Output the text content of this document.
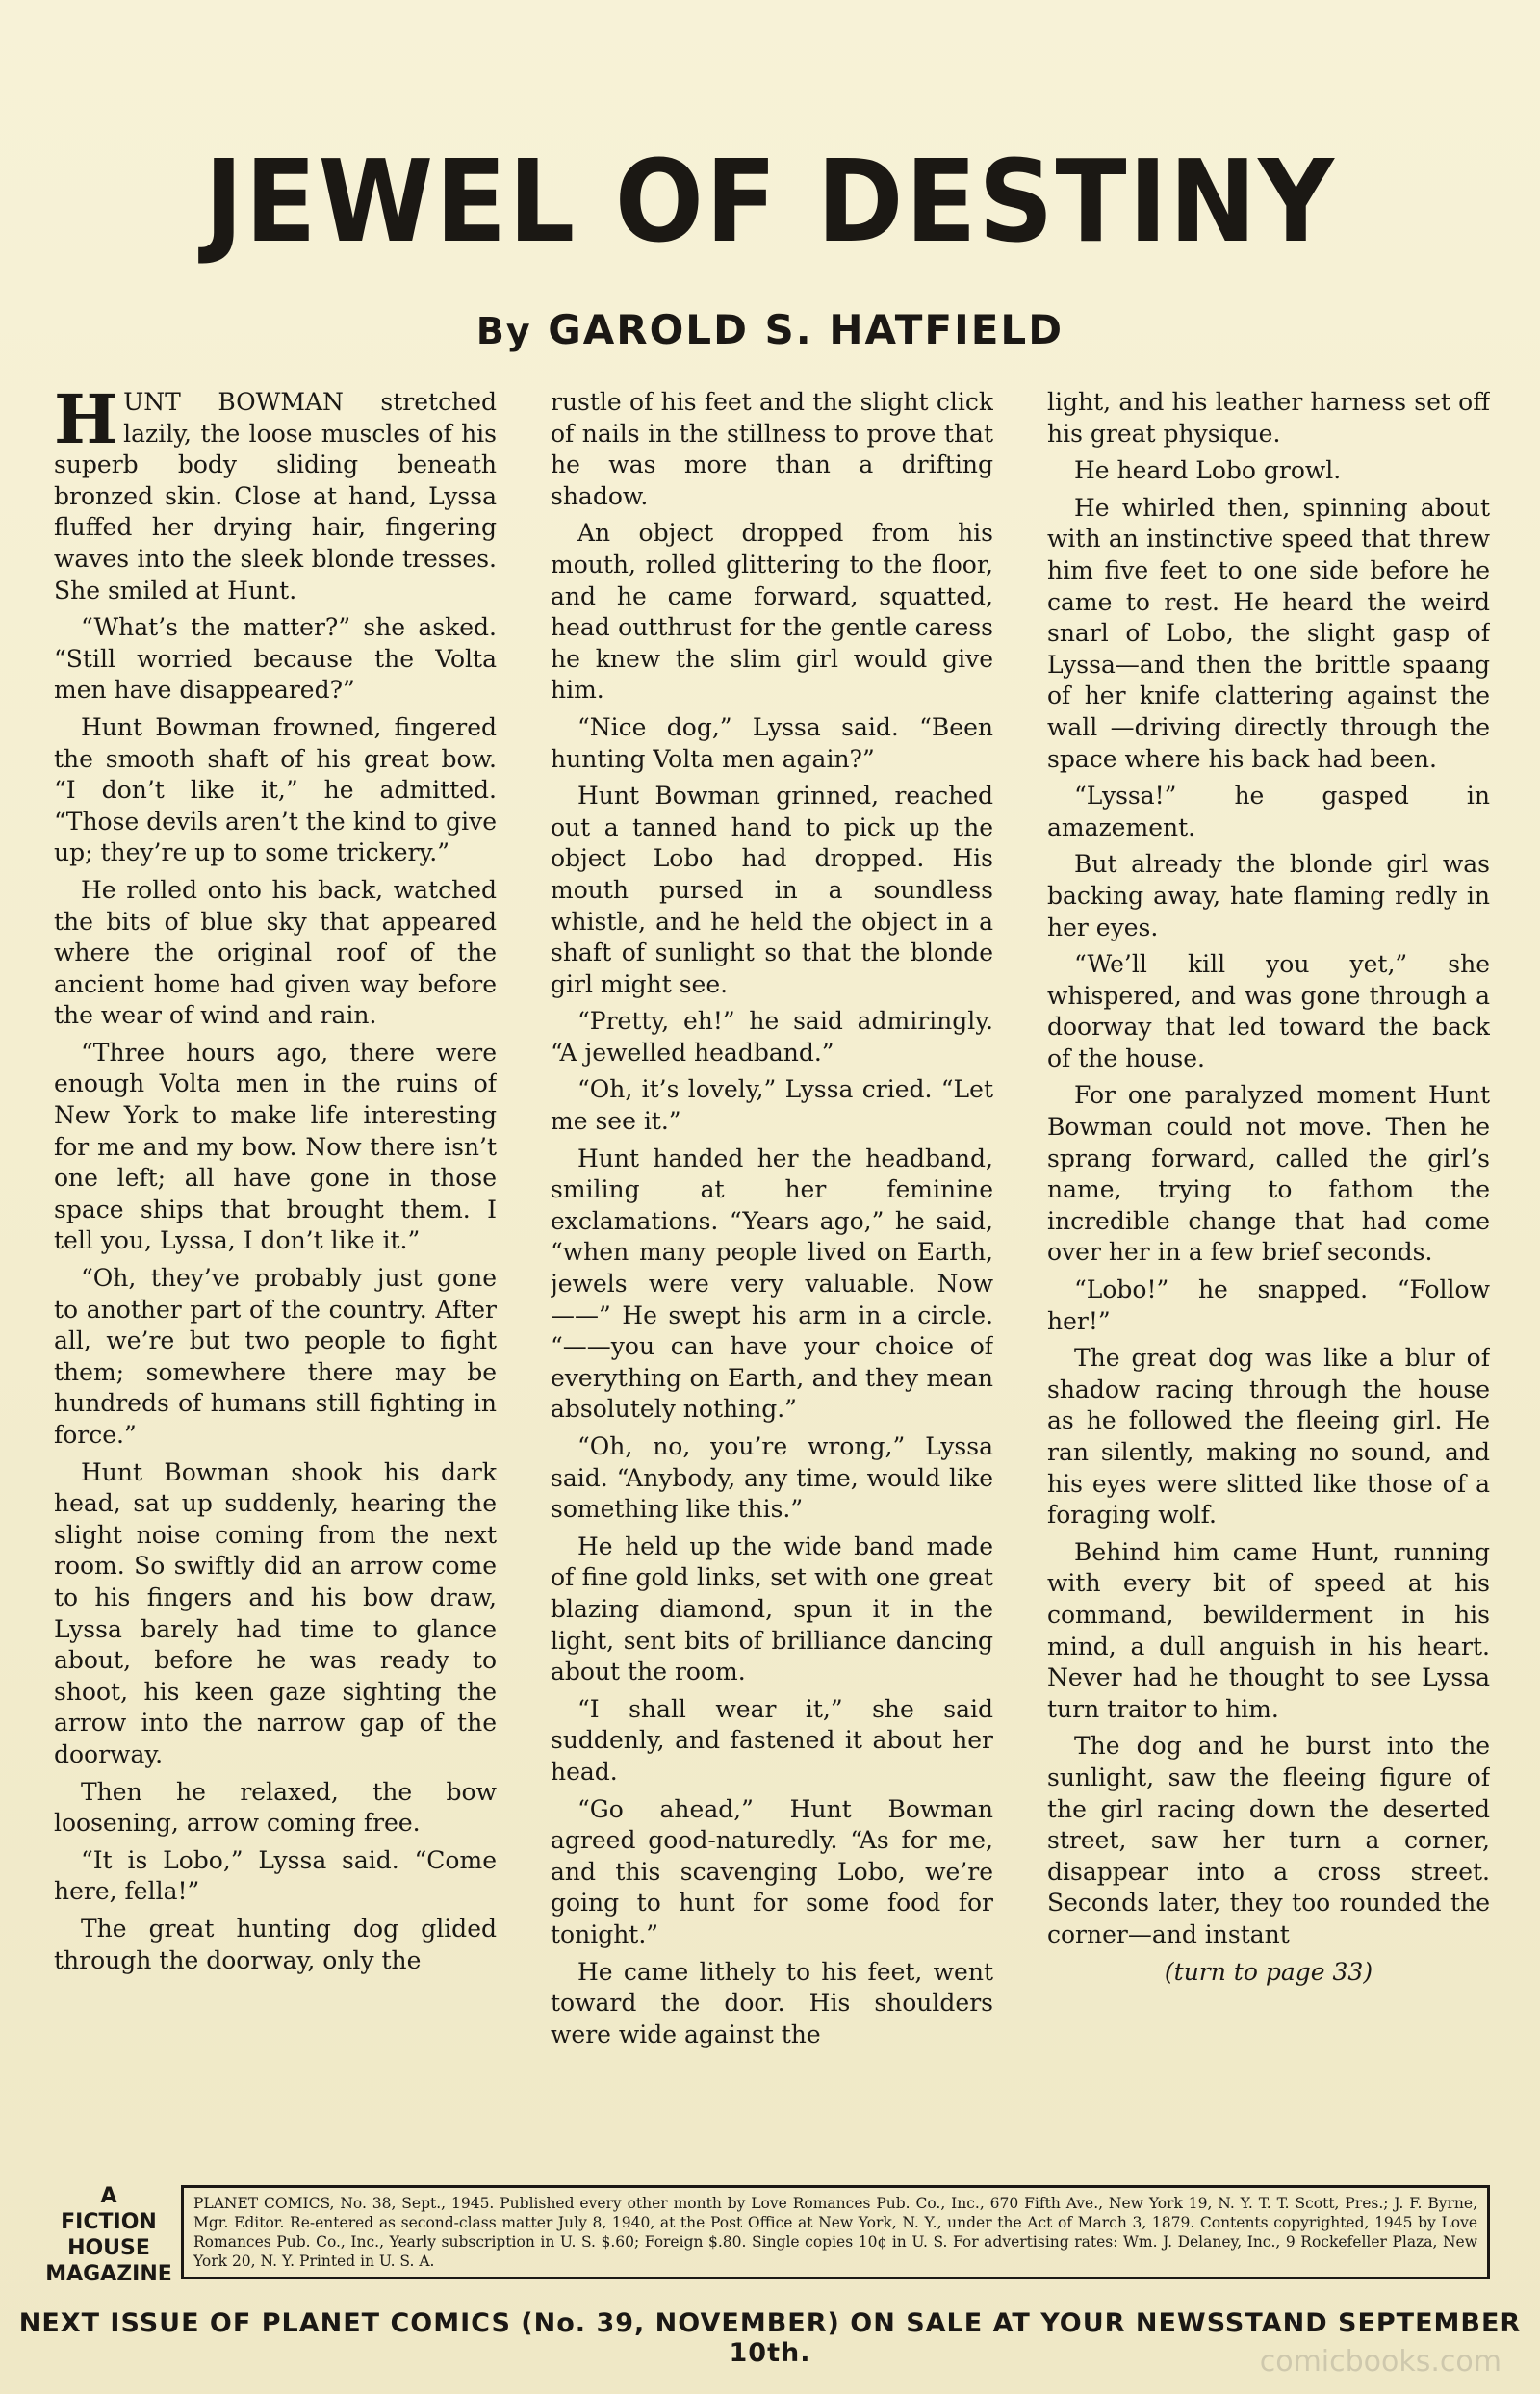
JEWEL OF DESTINY
By GAROLD S. HATFIELD

HUNT BOWMAN stretched lazily, the loose muscles of his superb body sliding beneath bronzed skin. Close at hand, Lyssa fluffed her drying hair, fingering waves into the sleek blonde tresses. She smiled at Hunt.

“What’s the matter?” she asked. “Still worried because the Volta men have disappeared?”

Hunt Bowman frowned, fingered the smooth shaft of his great bow. “I don’t like it,” he admitted. “Those devils aren’t the kind to give up; they’re up to some trickery.”

He rolled onto his back, watched the bits of blue sky that appeared where the original roof of the ancient home had given way before the wear of wind and rain.

“Three hours ago, there were enough Volta men in the ruins of New York to make life interesting for me and my bow. Now there isn’t one left; all have gone in those space ships that brought them. I tell you, Lyssa, I don’t like it.”

“Oh, they’ve probably just gone to another part of the country. After all, we’re but two people to fight them; somewhere there may be hundreds of humans still fighting in force.”

Hunt Bowman shook his dark head, sat up suddenly, hearing the slight noise coming from the next room. So swiftly did an arrow come to his fingers and his bow draw, Lyssa barely had time to glance about, before he was ready to shoot, his keen gaze sighting the arrow into the narrow gap of the doorway.

Then he relaxed, the bow loosening, arrow coming free.

“It is Lobo,” Lyssa said. “Come here, fella!”

The great hunting dog glided through the doorway, only the

rustle of his feet and the slight click of nails in the stillness to prove that he was more than a drifting shadow.

An object dropped from his mouth, rolled glittering to the floor, and he came forward, squatted, head outthrust for the gentle caress he knew the slim girl would give him.

“Nice dog,” Lyssa said. “Been hunting Volta men again?”

Hunt Bowman grinned, reached out a tanned hand to pick up the object Lobo had dropped. His mouth pursed in a soundless whistle, and he held the object in a shaft of sunlight so that the blonde girl might see.

“Pretty, eh!” he said admiringly. “A jewelled headband.”

“Oh, it’s lovely,” Lyssa cried. “Let me see it.”

Hunt handed her the headband, smiling at her feminine exclamations. “Years ago,” he said, “when many people lived on Earth, jewels were very valuable. Now——” He swept his arm in a circle. “——you can have your choice of everything on Earth, and they mean absolutely nothing.”

“Oh, no, you’re wrong,” Lyssa said. “Anybody, any time, would like something like this.”

He held up the wide band made of fine gold links, set with one great blazing diamond, spun it in the light, sent bits of brilliance dancing about the room.

“I shall wear it,” she said suddenly, and fastened it about her head.

“Go ahead,” Hunt Bowman agreed good-naturedly. “As for me, and this scavenging Lobo, we’re going to hunt for some food for tonight.”

He came lithely to his feet, went toward the door. His shoulders were wide against the

light, and his leather harness set off his great physique.

He heard Lobo growl.

He whirled then, spinning about with an instinctive speed that threw him five feet to one side before he came to rest. He heard the weird snarl of Lobo, the slight gasp of Lyssa—and then the brittle spaang of her knife clattering against the wall —driving directly through the space where his back had been.

“Lyssa!” he gasped in amazement.

But already the blonde girl was backing away, hate flaming redly in her eyes.

“We’ll kill you yet,” she whispered, and was gone through a doorway that led toward the back of the house.

For one paralyzed moment Hunt Bowman could not move. Then he sprang forward, called the girl’s name, trying to fathom the incredible change that had come over her in a few brief seconds.

“Lobo!” he snapped. “Follow her!”

The great dog was like a blur of shadow racing through the house as he followed the fleeing girl. He ran silently, making no sound, and his eyes were slitted like those of a foraging wolf.

Behind him came Hunt, running with every bit of speed at his command, bewilderment in his mind, a dull anguish in his heart. Never had he thought to see Lyssa turn traitor to him.

The dog and he burst into the sunlight, saw the fleeing figure of the girl racing down the deserted street, saw her turn a corner, disappear into a cross street. Seconds later, they too rounded the corner—and instant

(turn to page 33)
A
FICTION
HOUSE
MAGAZINE
PLANET COMICS, No. 38, Sept., 1945. Published every other month by Love Romances Pub. Co., Inc., 670 Fifth Ave., New York 19, N. Y. T. T. Scott, Pres.; J. F. Byrne, Mgr. Editor. Re-entered as second-class matter July 8, 1940, at the Post Office at New York, N. Y., under the Act of March 3, 1879. Contents copyrighted, 1945 by Love Romances Pub. Co., Inc., Yearly subscription in U. S. $.60; Foreign $.80. Single copies 10¢ in U. S. For advertising rates: Wm. J. Delaney, Inc., 9 Rockefeller Plaza, New York 20, N. Y. Printed in U. S. A.
NEXT ISSUE OF PLANET COMICS (No. 39, NOVEMBER) ON SALE AT YOUR NEWSSTAND SEPTEMBER 10th.	comicbooks.com
